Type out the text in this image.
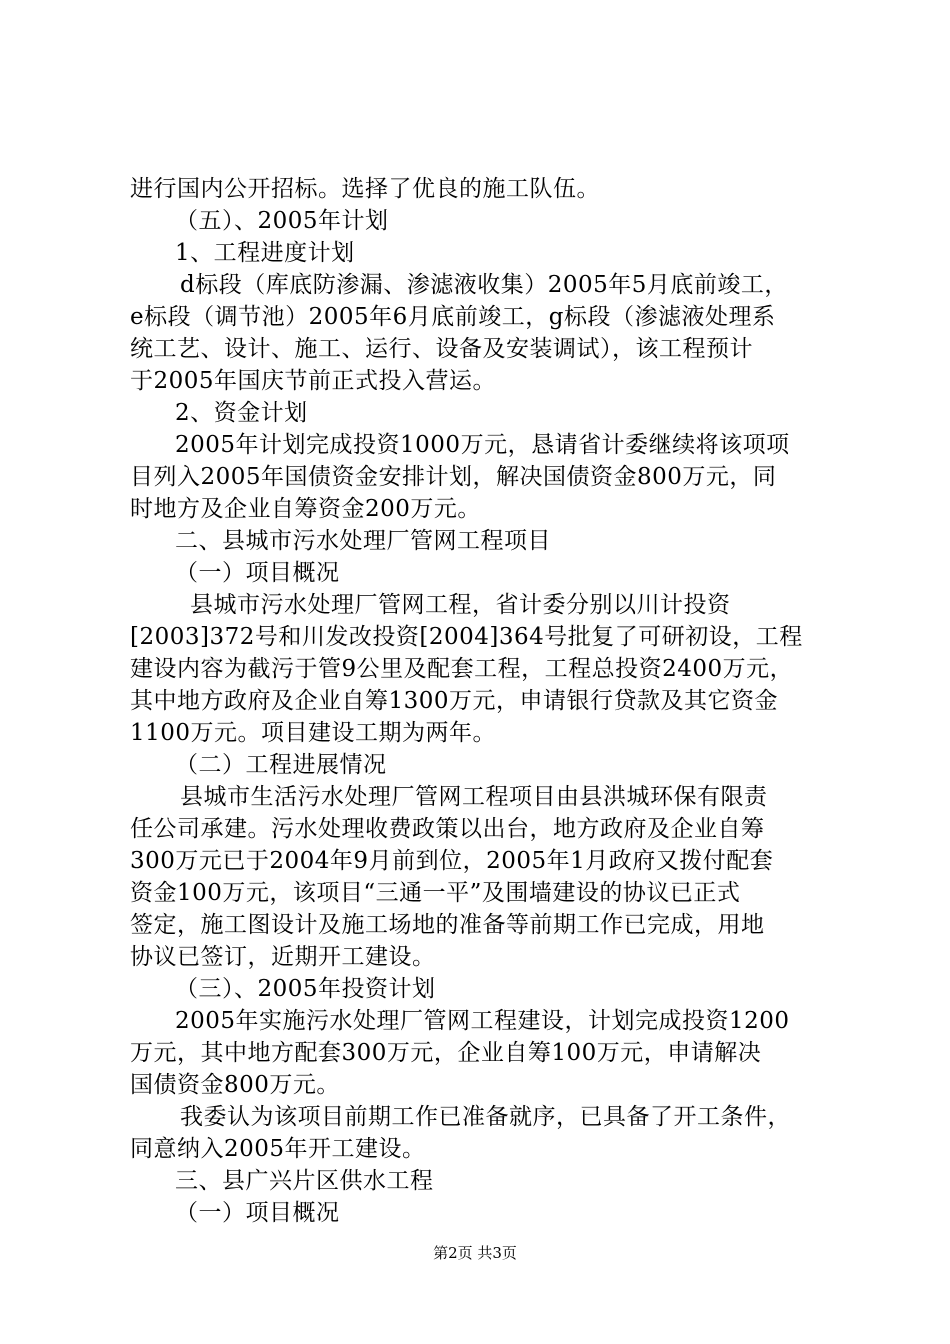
进行国内公开招标。选择了优良的施工队伍。
（五）、2005年计划
1、工程进度计划
d标段（库底防渗漏、渗滤液收集）2005年5月底前竣工，
e标段（调节池）2005年6月底前竣工，g标段（渗滤液处理系
统工艺、设计、施工、运行、设备及安装调试），该工程预计
于2005年国庆节前正式投入营运。
2、资金计划
2005年计划完成投资1000万元，恳请省计委继续将该项项
目列入2005年国债资金安排计划，解决国债资金800万元，同
时地方及企业自筹资金200万元。
二、县城市污水处理厂管网工程项目
（一）项目概况
县城市污水处理厂管网工程，省计委分别以川计投资
[2003]372号和川发改投资[2004]364号批复了可研初设，工程
建设内容为截污于管9公里及配套工程，工程总投资2400万元，
其中地方政府及企业自筹1300万元，申请银行贷款及其它资金
1100万元。项目建设工期为两年。
（二）工程进展情况
县城市生活污水处理厂管网工程项目由县洪城环保有限责
任公司承建。污水处理收费政策以出台，地方政府及企业自筹
300万元已于2004年9月前到位，2005年1月政府又拨付配套
资金100万元，该项目“三通一平”及围墙建设的协议已正式
签定，施工图设计及施工场地的准备等前期工作已完成，用地
协议已签订，近期开工建设。
（三）、2005年投资计划
2005年实施污水处理厂管网工程建设，计划完成投资1200
万元，其中地方配套300万元，企业自筹100万元，申请解决
国债资金800万元。
我委认为该项目前期工作已准备就序，已具备了开工条件，
同意纳入2005年开工建设。
三、县广兴片区供水工程
（一）项目概况
第2页 共3页
